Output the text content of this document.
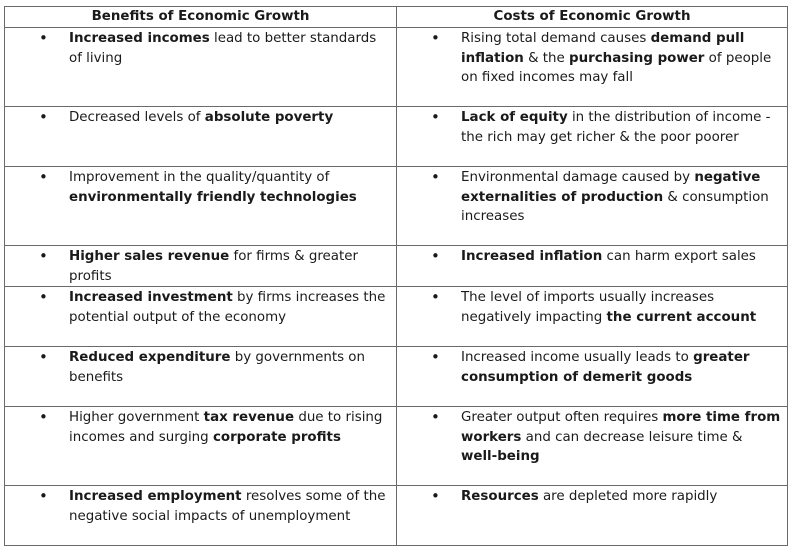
Benefits of Economic Growth	Costs of Economic Growth

• Increased incomes lead to better standards of living	• Rising total demand causes demand pull inflation & the purchasing power of people on fixed incomes may fall

• Decreased levels of absolute poverty	• Lack of equity in the distribution of income - the rich may get richer & the poor poorer

• Improvement in the quality/quantity of environmentally friendly technologies	• Environmental damage caused by negative externalities of production & consumption increases

• Higher sales revenue for firms & greater profits	• Increased inflation can harm export sales

• Increased investment by firms increases the potential output of the economy	• The level of imports usually increases negatively impacting the current account

• Reduced expenditure by governments on benefits	• Increased income usually leads to greater consumption of demerit goods

• Higher government tax revenue due to rising incomes and surging corporate profits	• Greater output often requires more time from workers and can decrease leisure time & well-being

• Increased employment resolves some of the negative social impacts of unemployment	• Resources are depleted more rapidly
